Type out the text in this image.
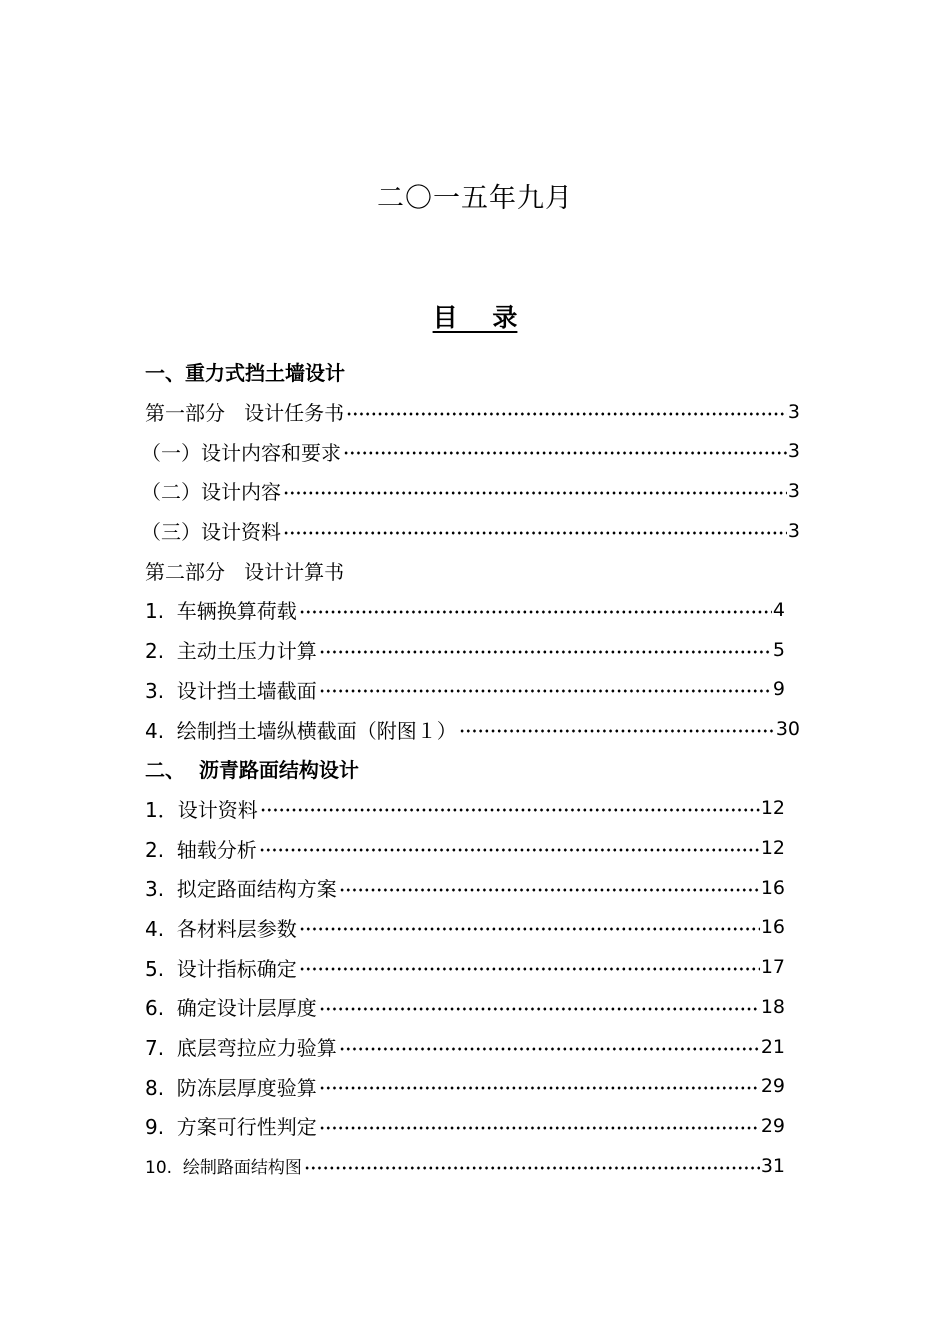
二〇一五年九月
目    录
一、重力式挡土墙设计
第一部分   设计任务书	3
（一）设计内容和要求	3
（二）设计内容	3
（三）设计资料	3
第二部分   设计计算书
1.  车辆换算荷载	4
2.  主动土压力计算	5
3.  设计挡土墙截面	9
4.  绘制挡土墙纵横截面（附图１）	30
二、  沥青路面结构设计
1．设计资料	12
2.  轴载分析	12
3.  拟定路面结构方案	16
4.  各材料层参数	16
5.  设计指标确定	17
6.  确定设计层厚度	18
7.  底层弯拉应力验算	21
8.  防冻层厚度验算	29
9.  方案可行性判定	29
10.  绘制路面结构图	31
